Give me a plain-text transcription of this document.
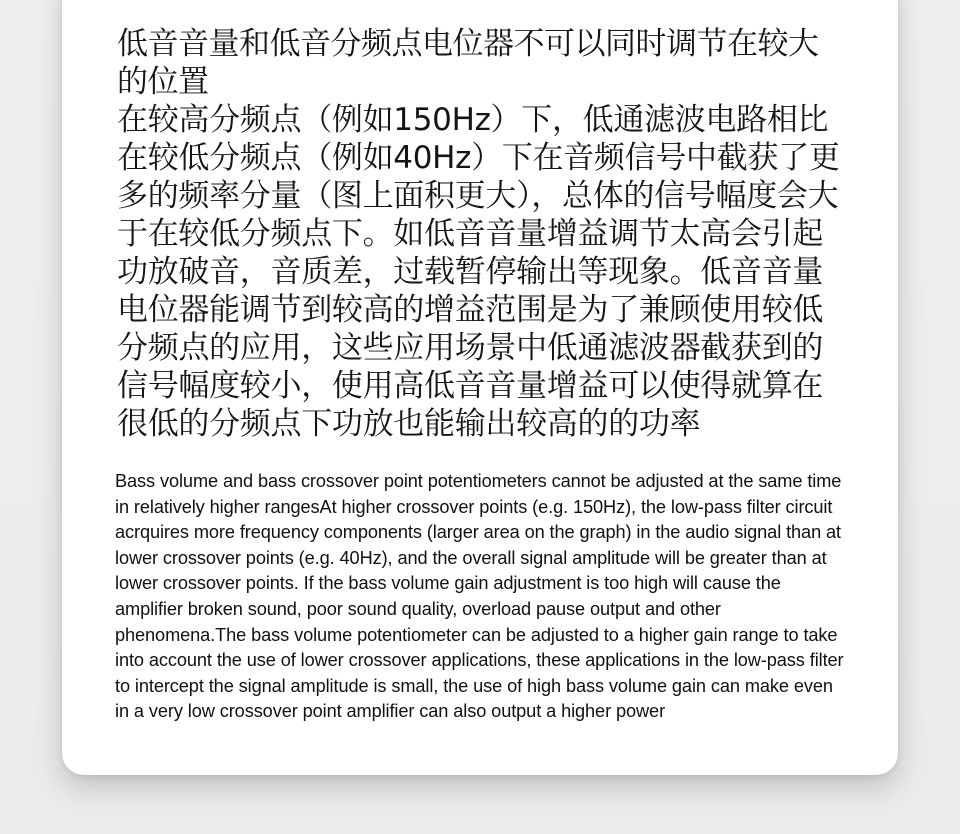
低音音量和低音分频点电位器不可以同时调节在较大的位置

在较高分频点（例如150Hz）下，低通滤波电路相比在较低分频点（例如40Hz）下在音频信号中截获了更多的频率分量（图上面积更大），总体的信号幅度会大于在较低分频点下。如低音音量增益调节太高会引起功放破音，音质差，过载暂停输出等现象。低音音量电位器能调节到较高的增益范围是为了兼顾使用较低分频点的应用，这些应用场景中低通滤波器截获到的信号幅度较小，使用高低音音量增益可以使得就算在很低的分频点下功放也能输出较高的的功率

Bass volume and bass crossover point potentiometers cannot be adjusted at the same time in relatively higher rangesAt higher crossover points (e.g. 150Hz), the low-pass filter circuit acrquires more frequency components (larger area on the graph) in the audio signal than at lower crossover points (e.g. 40Hz), and the overall signal amplitude will be greater than at lower crossover points. If the bass volume gain adjustment is too high will cause the amplifier broken sound, poor sound quality, overload pause output and other phenomena.The bass volume potentiometer can be adjusted to a higher gain range to take into account the use of lower crossover applications, these applications in the low-pass filter to intercept the signal amplitude is small, the use of high bass volume gain can make even in a very low crossover point amplifier can also output a higher power
